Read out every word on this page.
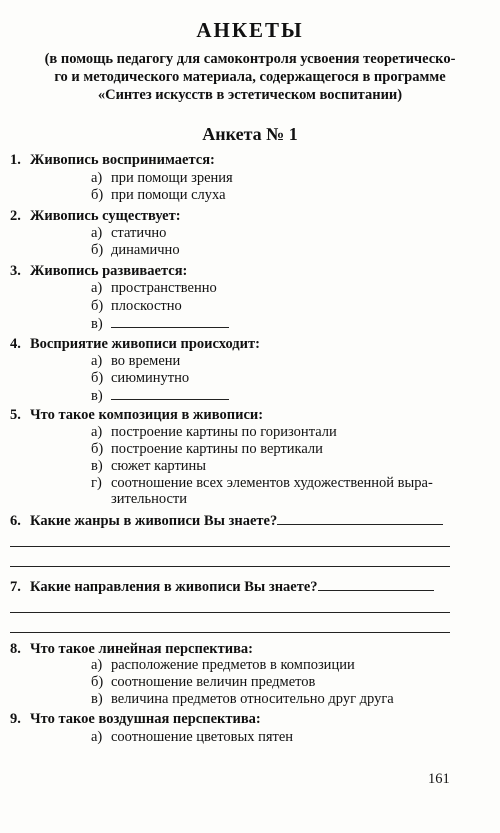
АНКЕТЫ
(в помощь педагогу для самоконтроля усвоения теоретическо-
го и методического материала, содержащегося в программе
«Синтез искусств в эстетическом воспитании)
Анкета № 1
1. Живопись воспринимается:
а) при помощи зрения
б) при помощи слуха
2. Живопись существует:
а) статично
б) динамично
3. Живопись развивается:
а) пространственно
б) плоскостно
в)
4. Восприятие живописи происходит:
а) во времени
б) сиюминутно
в)
5. Что такое композиция в живописи:
а) построение картины по горизонтали
б) построение картины по вертикали
в) сюжет картины
г) соотношение всех элементов художественной выра-
зительности
6. Какие жанры в живописи Вы знаете?
7. Какие направления в живописи Вы знаете?
8. Что такое линейная перспектива:
а) расположение предметов в композиции
б) соотношение величин предметов
в) величина предметов относительно друг друга
9. Что такое воздушная перспектива:
а) соотношение цветовых пятен
161
